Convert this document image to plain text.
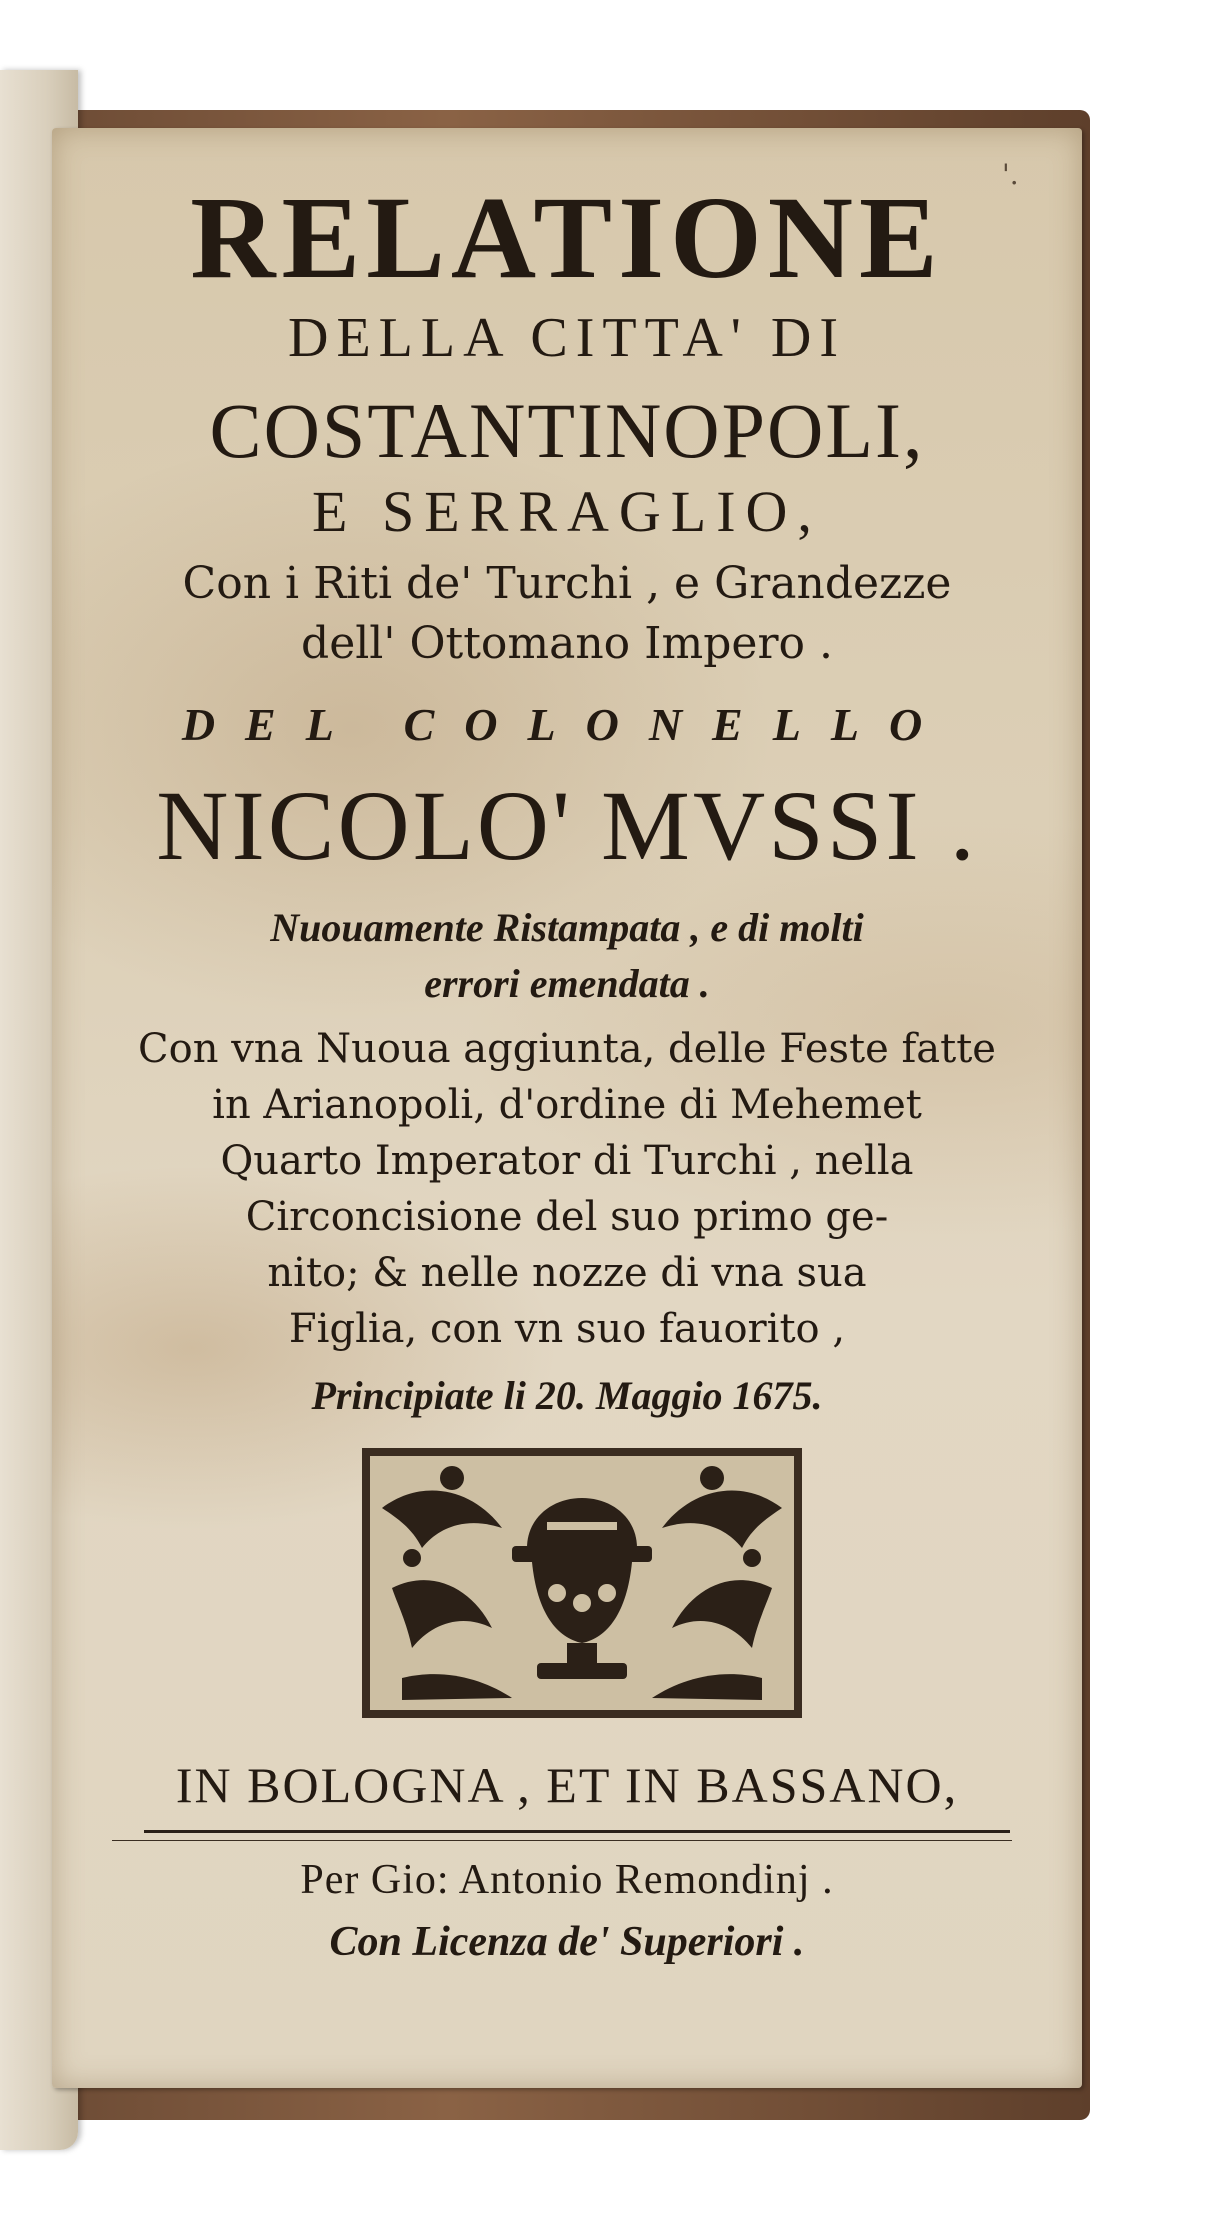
'.
RELATIONE
DELLA CITTA' DI
COSTANTINOPOLI,
E SERRAGLIO,
Con i Riti de' Turchi , e Grandezze
dell' Ottomano Impero .
DEL COLONELLO
NICOLO' MVSSI .
Nuouamente Ristampata , e di molti
errori emendata .
Con vna Nuoua aggiunta, delle Feste fatte
in Arianopoli, d'ordine di Mehemet
Quarto Imperator di Turchi , nella
Circoncisione del suo primo ge-
nito; & nelle nozze di vna sua
Figlia, con vn suo fauorito ,
Principiate li 20. Maggio 1675.
IN BOLOGNA , ET IN BASSANO,
Per Gio: Antonio Remondinj .
Con Licenza de' Superiori .
